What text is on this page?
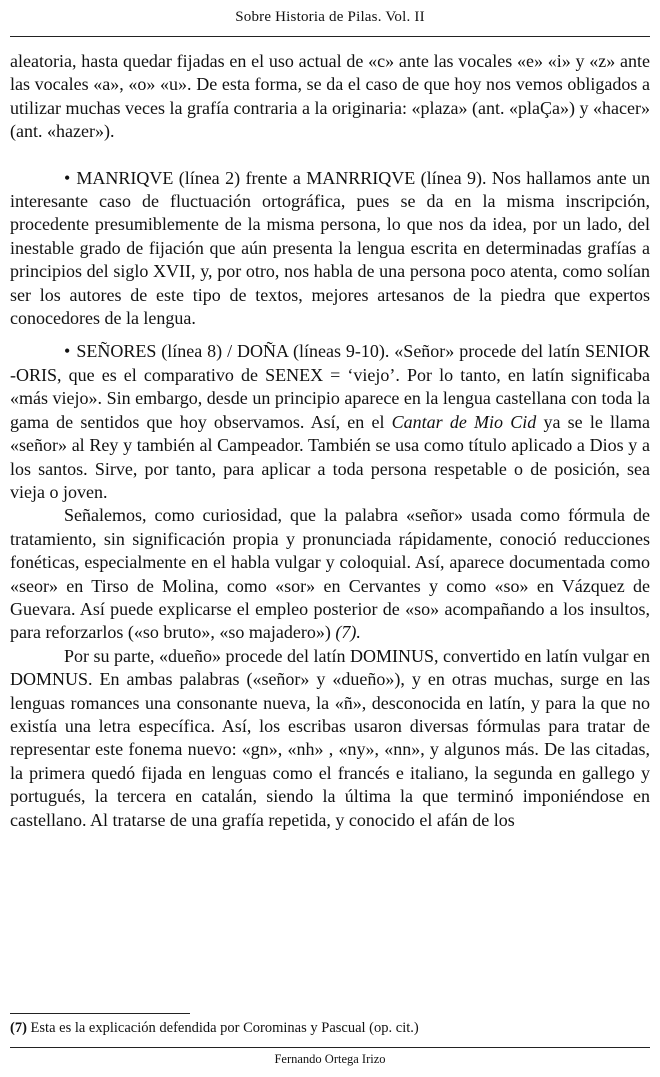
Sobre Historia de Pilas. Vol. II

aleatoria, hasta quedar fijadas en el uso actual de «c» ante las vocales «e» «i» y «z» ante las vocales «a», «o» «u». De esta forma, se da el caso de que hoy nos vemos obligados a utilizar muchas veces la grafía contraria a la originaria: «plaza» (ant. «plaÇa») y «hacer» (ant. «hazer»).

• MANRIQVE (línea 2) frente a MANRRIQVE (línea 9). Nos hallamos ante un interesante caso de fluctuación ortográfica, pues se da en la misma inscripción, procedente presumiblemente de la misma persona, lo que nos da idea, por un lado, del inestable grado de fijación que aún presenta la lengua escrita en determinadas grafías a principios del siglo XVII, y, por otro, nos habla de una persona poco atenta, como solían ser los autores de este tipo de textos, mejores artesanos de la piedra que expertos conocedores de la lengua.

• SEÑORES (línea 8) / DOÑA (líneas 9-10). «Señor» procede del latín SENIOR -ORIS, que es el comparativo de SENEX = ‘viejo’. Por lo tanto, en latín significaba «más viejo». Sin embargo, desde un principio aparece en la lengua castellana con toda la gama de sentidos que hoy observamos. Así, en el Cantar de Mio Cid ya se le llama «señor» al Rey y también al Campeador. También se usa como título aplicado a Dios y a los santos. Sirve, por tanto, para aplicar a toda persona respetable o de posición, sea vieja o joven.

Señalemos, como curiosidad, que la palabra «señor» usada como fórmula de tratamiento, sin significación propia y pronunciada rápidamente, conoció reducciones fonéticas, especialmente en el habla vulgar y coloquial. Así, aparece documentada como «seor» en Tirso de Molina, como «sor» en Cervantes y como «so» en Vázquez de Guevara. Así puede explicarse el empleo posterior de «so» acompañando a los insultos, para reforzarlos («so bruto», «so majadero») (7).

Por su parte, «dueño» procede del latín DOMINUS, convertido en latín vulgar en DOMNUS. En ambas palabras («señor» y «dueño»), y en otras muchas, surge en las lenguas romances una consonante nueva, la «ñ», desconocida en latín, y para la que no existía una letra específica. Así, los escribas usaron diversas fórmulas para tratar de representar este fonema nuevo: «gn», «nh» , «ny», «nn», y algunos más. De las citadas, la primera quedó fijada en lenguas como el francés e italiano, la segunda en gallego y portugués, la tercera en catalán, siendo la última la que terminó imponiéndose en castellano. Al tratarse de una grafía repetida, y conocido el afán de los

(7) Esta es la explicación defendida por Corominas y Pascual (op. cit.)
Fernando Ortega Irizo
